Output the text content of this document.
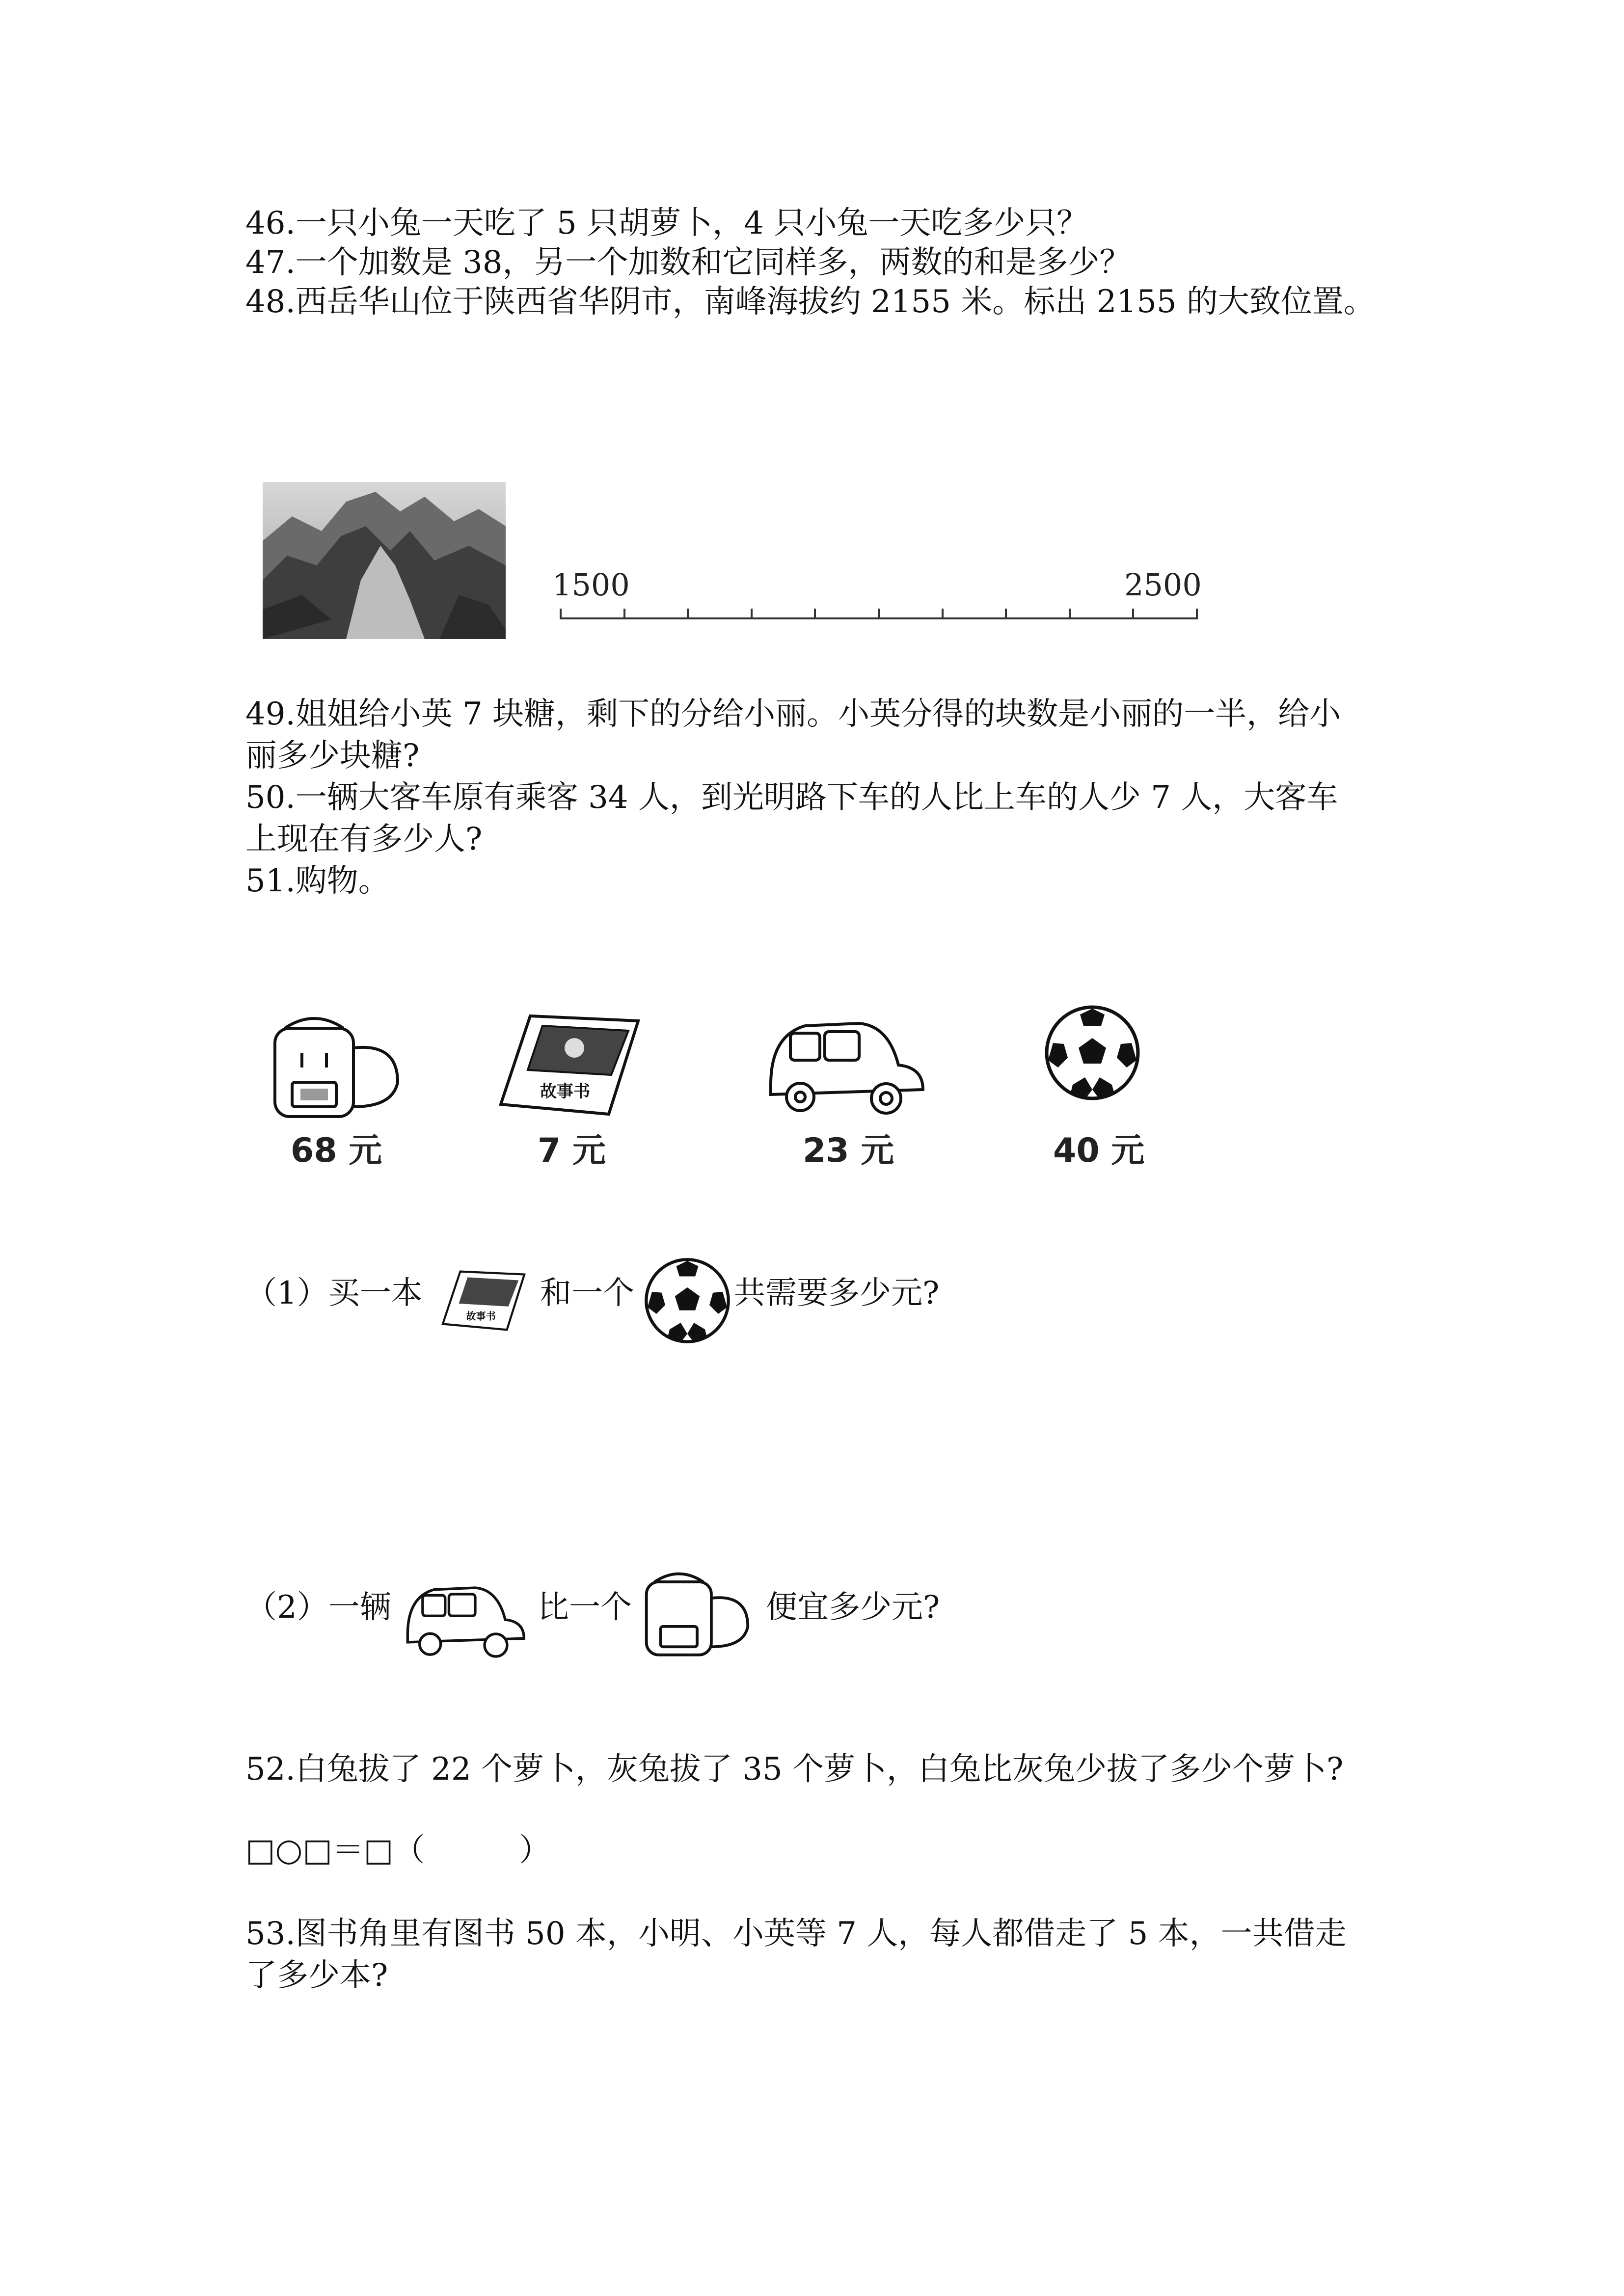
46.一只小兔一天吃了 5 只胡萝卜，4 只小兔一天吃多少只？
47.一个加数是 38，另一个加数和它同样多，两数的和是多少？
48.西岳华山位于陕西省华阴市，南峰海拔约 2155 米。标出 2155 的大致位置。
1500	2500
49.姐姐给小英 7 块糖，剩下的分给小丽。小英分得的块数是小丽的一半，给小
丽多少块糖?
50.一辆大客车原有乘客 34 人，到光明路下车的人比上车的人少 7 人，大客车
上现在有多少人?
51.购物。
68 元
故事书
7 元	23 元	40 元
（1）买一本
故事书
和一个	共需要多少元?
（2）一辆	比一个	便宜多少元?
52.白兔拔了 22 个萝卜，灰兔拔了 35 个萝卜，白兔比灰兔少拔了多少个萝卜?
□○□＝□（　　　）
53.图书角里有图书 50 本，小明、小英等 7 人，每人都借走了 5 本，一共借走
了多少本?
